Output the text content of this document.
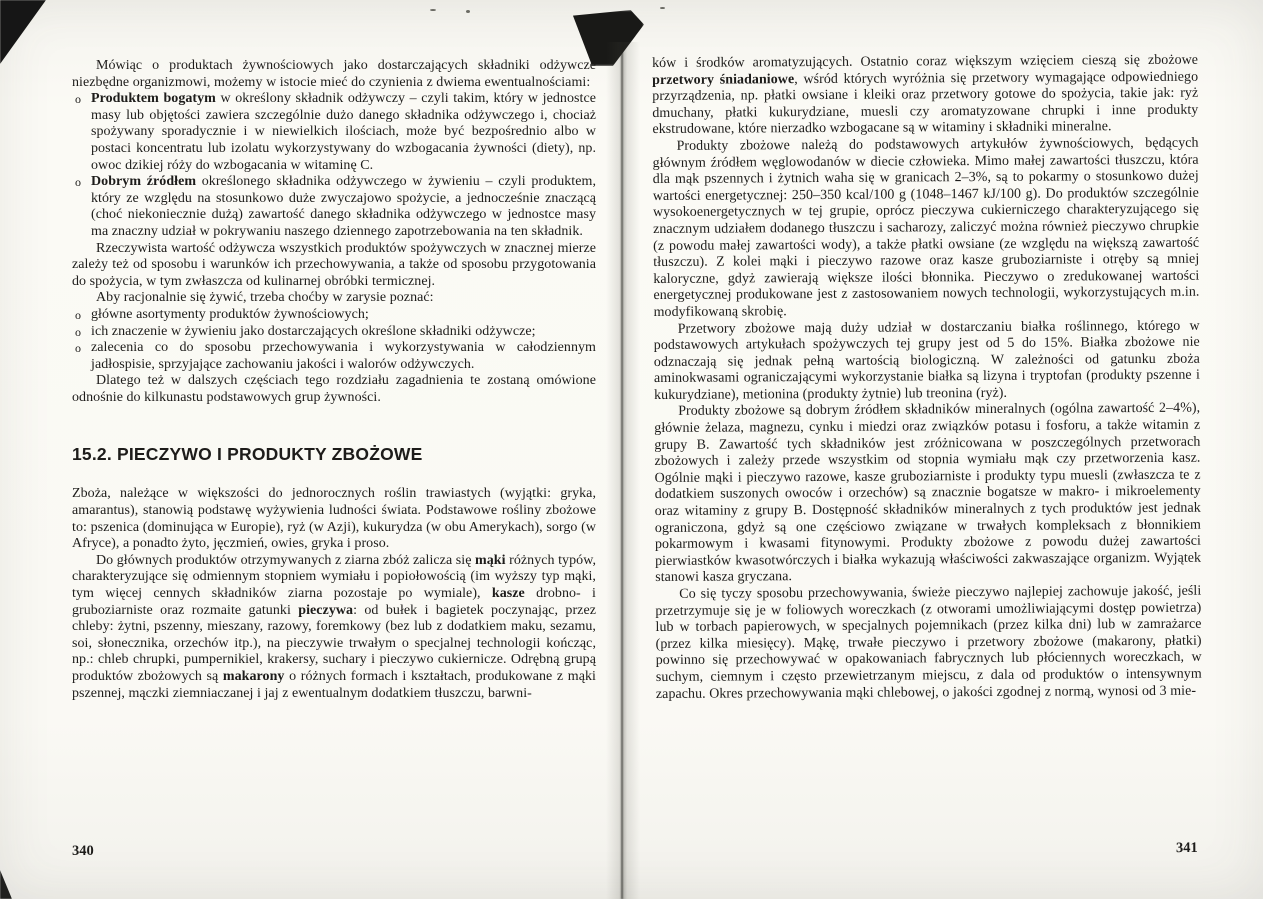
Mówiąc o produktach żywnościowych jako dostarczających składniki odżywcze niezbędne organizmowi, możemy w istocie mieć do czynienia z dwiema ewentualnościami:
o Produktem bogatym w określony składnik odżywczy – czyli takim, który w jednostce masy lub objętości zawiera szczególnie dużo danego składnika odżywczego i, chociaż spożywany sporadycznie i w niewielkich ilościach, może być bezpośrednio albo w postaci koncentratu lub izolatu wykorzystywany do wzbogacania żywności (diety), np. owoc dzikiej róży do wzbogacania w witaminę C.
o Dobrym źródłem określonego składnika odżywczego w żywieniu – czyli produktem, który ze względu na stosunkowo duże zwyczajowo spożycie, a jednocześnie znaczącą (choć niekoniecznie dużą) zawartość danego składnika odżywczego w jednostce masy ma znaczny udział w pokrywaniu naszego dziennego zapotrzebowania na ten składnik.
Rzeczywista wartość odżywcza wszystkich produktów spożywczych w znacznej mierze zależy też od sposobu i warunków ich przechowywania, a także od sposobu przygotowania do spożycia, w tym zwłaszcza od kulinarnej obróbki termicznej.
Aby racjonalnie się żywić, trzeba choćby w zarysie poznać:
o główne asortymenty produktów żywnościowych;
o ich znaczenie w żywieniu jako dostarczających określone składniki odżywcze;
o zalecenia co do sposobu przechowywania i wykorzystywania w całodziennym jadłospisie, sprzyjające zachowaniu jakości i walorów odżywczych.
Dlatego też w dalszych częściach tego rozdziału zagadnienia te zostaną omówione odnośnie do kilkunastu podstawowych grup żywności.
15.2. PIECZYWO I PRODUKTY ZBOŻOWE
Zboża, należące w większości do jednorocznych roślin trawiastych (wyjątki: gryka, amarantus), stanowią podstawę wyżywienia ludności świata. Podstawowe rośliny zbożowe to: pszenica (dominująca w Europie), ryż (w Azji), kukurydza (w obu Amerykach), sorgo (w Afryce), a ponadto żyto, jęczmień, owies, gryka i proso.
Do głównych produktów otrzymywanych z ziarna zbóż zalicza się mąki różnych typów, charakteryzujące się odmiennym stopniem wymiału i popiołowością (im wyższy typ mąki, tym więcej cennych składników ziarna pozostaje po wymiale), kasze drobno- i gruboziarniste oraz rozmaite gatunki pieczywa: od bułek i bagietek poczynając, przez chleby: żytni, pszenny, mieszany, razowy, foremkowy (bez lub z dodatkiem maku, sezamu, soi, słonecznika, orzechów itp.), na pieczywie trwałym o specjalnej technologii kończąc, np.: chleb chrupki, pumpernikiel, krakersy, suchary i pieczywo cukiernicze. Odrębną grupą produktów zbożowych są makarony o różnych formach i kształtach, produkowane z mąki pszennej, mączki ziemniaczanej i jaj z ewentualnym dodatkiem tłuszczu, barwni-
340
ków i środków aromatyzujących. Ostatnio coraz większym wzięciem cieszą się zbożowe przetwory śniadaniowe, wśród których wyróżnia się przetwory wymagające odpowiedniego przyrządzenia, np. płatki owsiane i kleiki oraz przetwory gotowe do spożycia, takie jak: ryż dmuchany, płatki kukurydziane, muesli czy aromatyzowane chrupki i inne produkty ekstrudowane, które nierzadko wzbogacane są w witaminy i składniki mineralne.
Produkty zbożowe należą do podstawowych artykułów żywnościowych, będących głównym źródłem węglowodanów w diecie człowieka. Mimo małej zawartości tłuszczu, która dla mąk pszennych i żytnich waha się w granicach 2–3%, są to pokarmy o stosunkowo dużej wartości energetycznej: 250–350 kcal/100 g (1048–1467 kJ/100 g). Do produktów szczególnie wysokoenergetycznych w tej grupie, oprócz pieczywa cukierniczego charakteryzującego się znacznym udziałem dodanego tłuszczu i sacharozy, zaliczyć można również pieczywo chrupkie (z powodu małej zawartości wody), a także płatki owsiane (ze względu na większą zawartość tłuszczu). Z kolei mąki i pieczywo razowe oraz kasze gruboziarniste i otręby są mniej kaloryczne, gdyż zawierają większe ilości błonnika. Pieczywo o zredukowanej wartości energetycznej produkowane jest z zastosowaniem nowych technologii, wykorzystujących m.in. modyfikowaną skrobię.
Przetwory zbożowe mają duży udział w dostarczaniu białka roślinnego, którego w podstawowych artykułach spożywczych tej grupy jest od 5 do 15%. Białka zbożowe nie odznaczają się jednak pełną wartością biologiczną. W zależności od gatunku zboża aminokwasami ograniczającymi wykorzystanie białka są lizyna i tryptofan (produkty pszenne i kukurydziane), metionina (produkty żytnie) lub treonina (ryż).
Produkty zbożowe są dobrym źródłem składników mineralnych (ogólna zawartość 2–4%), głównie żelaza, magnezu, cynku i miedzi oraz związków potasu i fosforu, a także witamin z grupy B. Zawartość tych składników jest zróżnicowana w poszczególnych przetworach zbożowych i zależy przede wszystkim od stopnia wymiału mąk czy przetworzenia kasz. Ogólnie mąki i pieczywo razowe, kasze gruboziarniste i produkty typu muesli (zwłaszcza te z dodatkiem suszonych owoców i orzechów) są znacznie bogatsze w makro- i mikroelementy oraz witaminy z grupy B. Dostępność składników mineralnych z tych produktów jest jednak ograniczona, gdyż są one częściowo związane w trwałych kompleksach z błonnikiem pokarmowym i kwasami fitynowymi. Produkty zbożowe z powodu dużej zawartości pierwiastków kwasotwórczych i białka wykazują właściwości zakwaszające organizm. Wyjątek stanowi kasza gryczana.
Co się tyczy sposobu przechowywania, świeże pieczywo najlepiej zachowuje jakość, jeśli przetrzymuje się je w foliowych woreczkach (z otworami umożliwiającymi dostęp powietrza) lub w torbach papierowych, w specjalnych pojemnikach (przez kilka dni) lub w zamrażarce (przez kilka miesięcy). Mąkę, trwałe pieczywo i przetwory zbożowe (makarony, płatki) powinno się przechowywać w opakowaniach fabrycznych lub płóciennych woreczkach, w suchym, ciemnym i często przewietrzanym miejscu, z dala od produktów o intensywnym zapachu. Okres przechowywania mąki chlebowej, o jakości zgodnej z normą, wynosi od 3 mie-
341
